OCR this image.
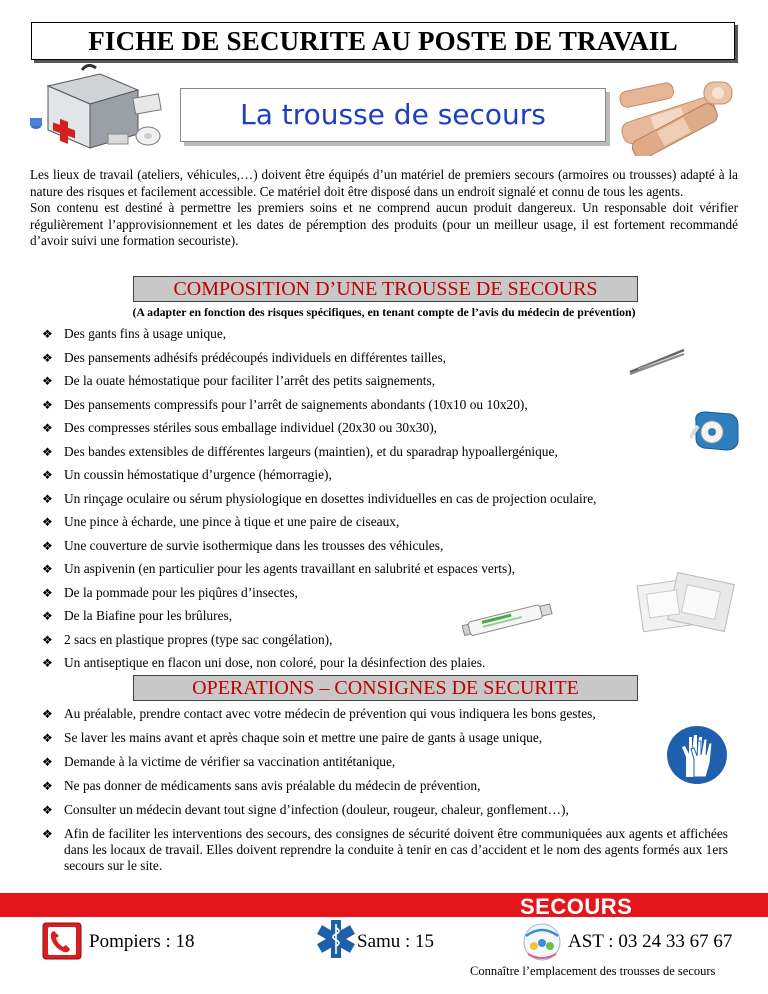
FICHE DE SECURITE AU POSTE DE TRAVAIL
La trousse de secours

Les lieux de travail (ateliers, véhicules,…) doivent être équipés d’un matériel de premiers secours (armoires ou trousses) adapté à la nature des risques et facilement accessible. Ce matériel doit être disposé dans un endroit signalé et connu de tous les agents.

Son contenu est destiné à permettre les premiers soins et ne comprend aucun produit dangereux. Un responsable doit vérifier régulièrement l’approvisionnement et les dates de péremption des produits (pour un meilleur usage, il est fortement recommandé d’avoir suivi une formation secouriste).

COMPOSITION D’UNE TROUSSE DE SECOURS
(A adapter en fonction des risques spécifiques, en tenant compte de l’avis du médecin de prévention)
❖ Des gants fins à usage unique,
❖ Des pansements adhésifs prédécoupés individuels en différentes tailles,
❖ De la ouate hémostatique pour faciliter l’arrêt des petits saignements,
❖ Des pansements compressifs pour l’arrêt de saignements abondants (10x10 ou 10x20),
❖ Des compresses stériles sous emballage individuel (20x30 ou 30x30),
❖ Des bandes extensibles de différentes largeurs (maintien), et du sparadrap hypoallergénique,
❖ Un coussin hémostatique d’urgence (hémorragie),
❖ Un rinçage oculaire ou sérum physiologique en dosettes individuelles en cas de projection oculaire,
❖ Une pince à écharde, une pince à tique et une paire de ciseaux,
❖ Une couverture de survie isothermique dans les trousses des véhicules,
❖ Un aspivenin (en particulier pour les agents travaillant en salubrité et espaces verts),
❖ De la pommade pour les piqûres d’insectes,
❖ De la Biafine pour les brûlures,
❖ 2 sacs en plastique propres (type sac congélation),
❖ Un antiseptique en flacon uni dose, non coloré, pour la désinfection des plaies.
OPERATIONS – CONSIGNES DE SECURITE
❖ Au préalable, prendre contact avec votre médecin de prévention qui vous indiquera les bons gestes,
❖ Se laver les mains avant et après chaque soin et mettre une paire de gants à usage unique,
❖ Demande à la victime de vérifier sa vaccination antitétanique,
❖ Ne pas donner de médicaments sans avis préalable du médecin de prévention,
❖ Consulter un médecin devant tout signe d’infection (douleur, rougeur, chaleur, gonflement…),
❖ Afin de faciliter les interventions des secours, des consignes de sécurité doivent être communiquées aux agents et affichées dans les locaux de travail. Elles doivent reprendre la conduite à tenir en cas d’accident et le nom des agents formés aux 1ers secours sur le site.
SECOURS
Pompiers : 18	Samu : 15	AST : 03 24 33 67 67
Connaître l’emplacement des trousses de secours
